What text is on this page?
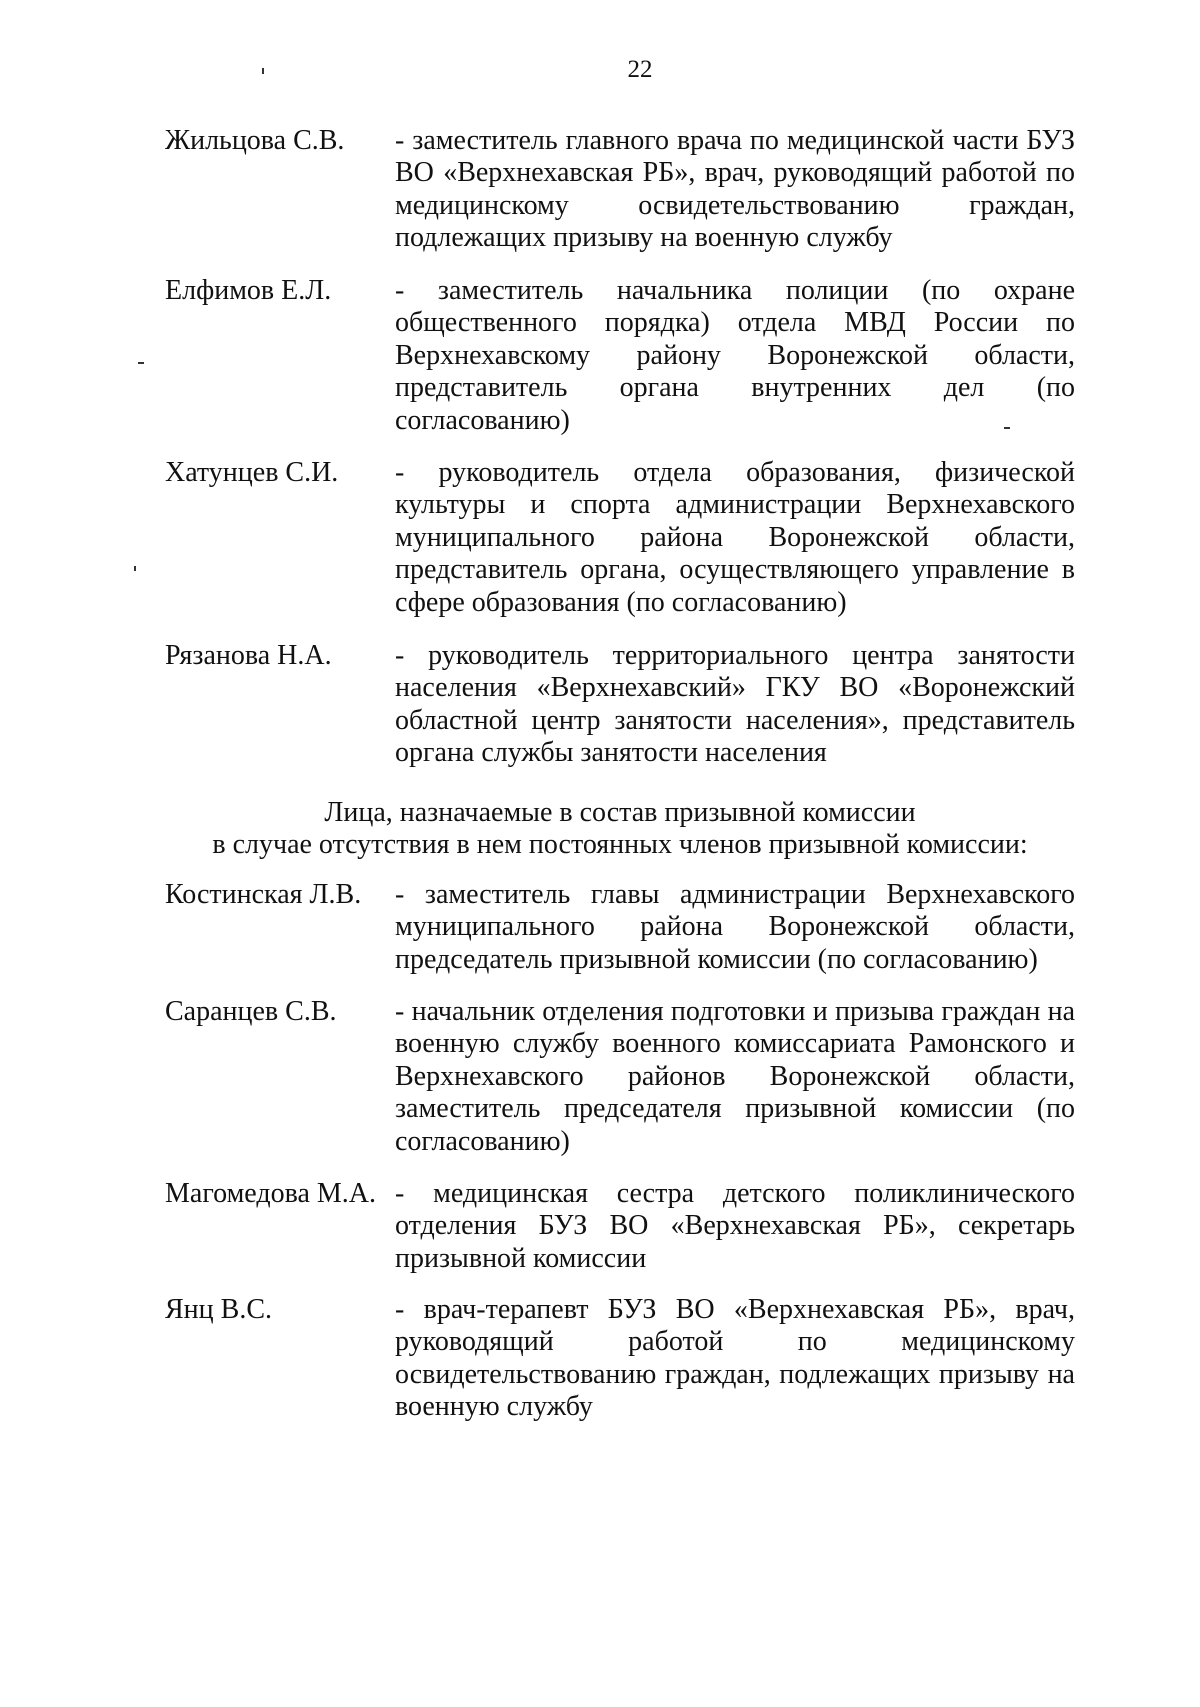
22
Жильцова С.В. - заместитель главного врача по медицинской части БУЗ ВО «Верхнехавская РБ», врач, руководящий работой по медицинскому освидетельствованию граждан, подлежащих призыву на военную службу
Елфимов Е.Л. - заместитель начальника полиции (по охране общественного порядка) отдела МВД России по Верхнехавскому району Воронежской области, представитель органа внутренних дел (по согласованию)
Хатунцев С.И. - руководитель отдела образования, физической культуры и спорта администрации Верхнехавского муниципального района Воронежской области, представитель органа, осуществляющего управление в сфере образования (по согласованию)
Рязанова Н.А. - руководитель территориального центра занятости населения «Верхнехавский» ГКУ ВО «Воронежский областной центр занятости населения», представитель органа службы занятости населения
Лица, назначаемые в состав призывной комиссии
в случае отсутствия в нем постоянных членов призывной комиссии:
Костинская Л.В. - заместитель главы администрации Верхнехавского муниципального района Воронежской области, председатель призывной комиссии (по согласованию)
Саранцев С.В. - начальник отделения подготовки и призыва граждан на военную службу военного комиссариата Рамонского и Верхнехавского районов Воронежской области, заместитель председателя призывной комиссии (по согласованию)
Магомедова М.А. - медицинская сестра детского поликлинического отделения БУЗ ВО «Верхнехавская РБ», секретарь призывной комиссии
Янц В.С.	- врач-терапевт БУЗ ВО «Верхнехавская РБ», врач, руководящий работой по медицинскому освидетельствованию граждан, подлежащих призыву на военную службу
